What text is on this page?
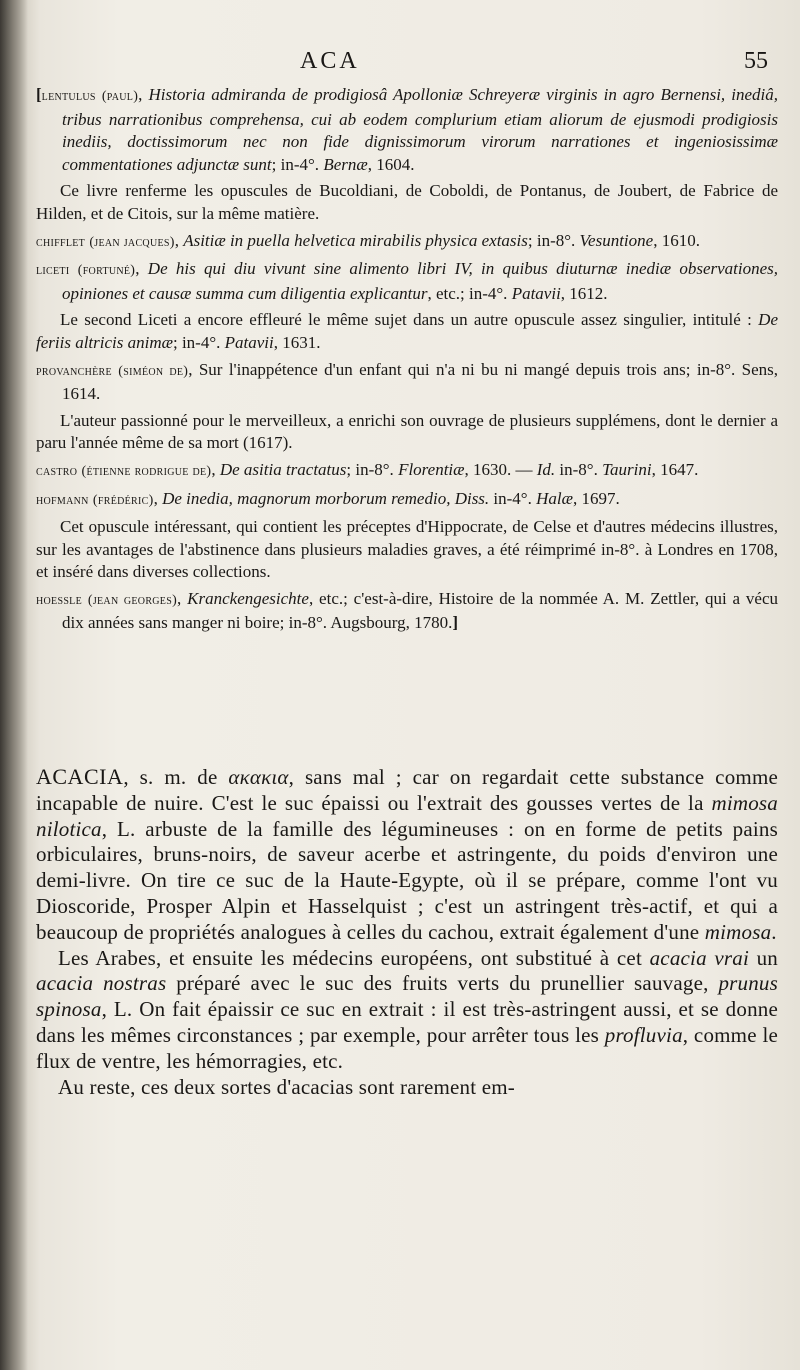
ACA	55

[lentulus (paul), Historia admiranda de prodigiosâ Apolloniæ Schreyeræ virginis in agro Bernensi, inediâ, tribus narrationibus comprehensa, cui ab eodem complurium etiam aliorum de ejusmodi prodigiosis inediis, doctissimorum nec non fide dignissimorum virorum narrationes et ingeniosissimæ commentationes adjunctæ sunt; in-4°. Bernæ, 1604.

Ce livre renferme les opuscules de Bucoldiani, de Coboldi, de Pontanus, de Joubert, de Fabrice de Hilden, et de Citois, sur la même matière.

chifflet (jean jacques), Asitiæ in puella helvetica mirabilis physica extasis; in-8°. Vesuntione, 1610.

liceti (fortuné), De his qui diu vivunt sine alimento libri IV, in quibus diuturnæ inediæ observationes, opiniones et causæ summa cum diligentia explicantur, etc.; in-4°. Patavii, 1612.

Le second Liceti a encore effleuré le même sujet dans un autre opuscule assez singulier, intitulé : De feriis altricis animæ; in-4°. Patavii, 1631.

provanchère (siméon de), Sur l'inappétence d'un enfant qui n'a ni bu ni mangé depuis trois ans; in-8°. Sens, 1614.

L'auteur passionné pour le merveilleux, a enrichi son ouvrage de plusieurs supplémens, dont le dernier a paru l'année même de sa mort (1617).

castro (étienne rodrigue de), De asitia tractatus; in-8°. Florentiæ, 1630. — Id. in-8°. Taurini, 1647.

hofmann (frédéric), De inedia, magnorum morborum remedio, Diss. in-4°. Halæ, 1697.

Cet opuscule intéressant, qui contient les préceptes d'Hippocrate, de Celse et d'autres médecins illustres, sur les avantages de l'abstinence dans plusieurs maladies graves, a été réimprimé in-8°. à Londres en 1708, et inséré dans diverses collections.

hoessle (jean georges), Kranckengesichte, etc.; c'est-à-dire, Histoire de la nommée A. M. Zettler, qui a vécu dix années sans manger ni boire; in-8°. Augsbourg, 1780.]

ACACIA, s. m. de ακακια, sans mal ; car on regardait cette substance comme incapable de nuire. C'est le suc épaissi ou l'extrait des gousses vertes de la mimosa nilotica, L. arbuste de la famille des légumineuses : on en forme de petits pains orbiculaires, bruns-noirs, de saveur acerbe et astringente, du poids d'environ une demi-livre. On tire ce suc de la Haute-Egypte, où il se prépare, comme l'ont vu Dioscoride, Prosper Alpin et Hasselquist ; c'est un astringent très-actif, et qui a beaucoup de propriétés analogues à celles du cachou, extrait également d'une mimosa.

Les Arabes, et ensuite les médecins européens, ont substitué à cet acacia vrai un acacia nostras préparé avec le suc des fruits verts du prunellier sauvage, prunus spinosa, L. On fait épaissir ce suc en extrait : il est très-astringent aussi, et se donne dans les mêmes circonstances ; par exemple, pour arrêter tous les profluvia, comme le flux de ventre, les hémorragies, etc.

Au reste, ces deux sortes d'acacias sont rarement em-
